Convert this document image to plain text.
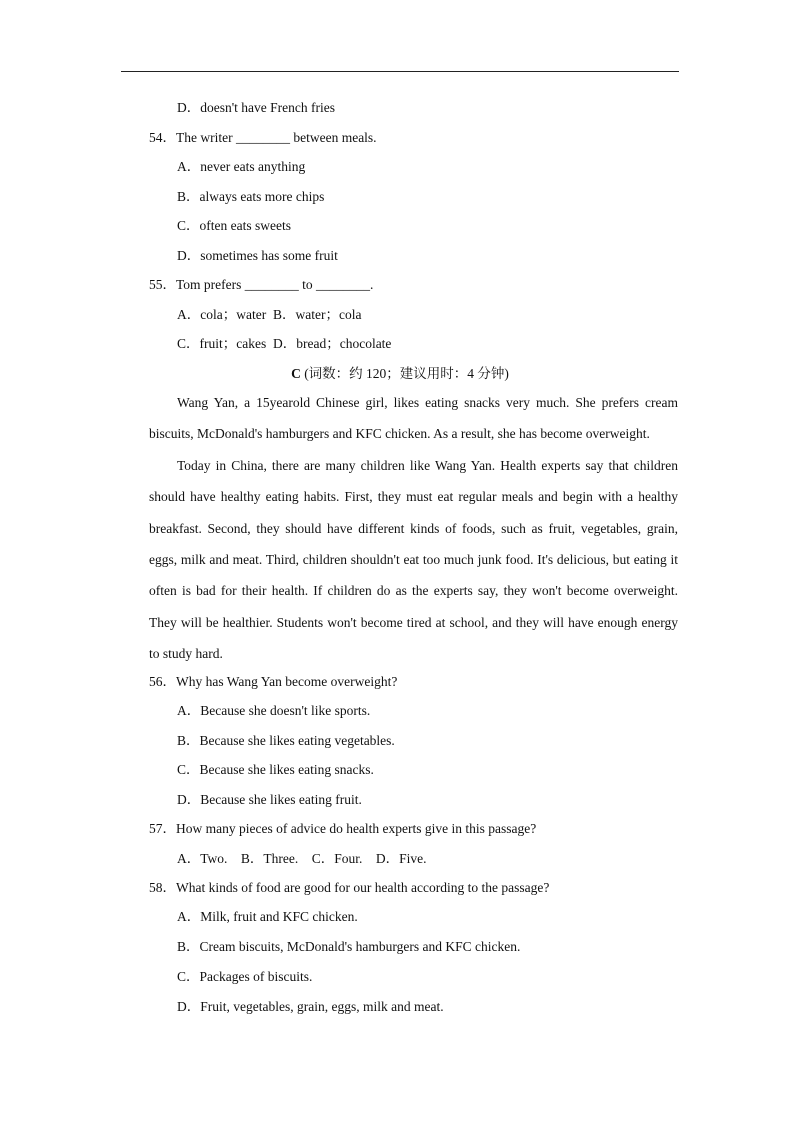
D．doesn't have French fries
54．The writer ________ between meals.
A．never eats anything
B．always eats more chips
C．often eats sweets
D．sometimes has some fruit
55．Tom prefers ________ to ________.
A．cola；water  B．water；cola
C．fruit；cakes  D．bread；chocolate
C (词数：约 120；建议用时：4 分钟)

Wang Yan, a 15yearold Chinese girl, likes eating snacks very much. She prefers cream biscuits, McDonald's hamburgers and KFC chicken. As a result, she has become overweight.

Today in China, there are many children like Wang Yan. Health experts say that children should have healthy eating habits. First, they must eat regular meals and begin with a healthy breakfast. Second, they should have different kinds of foods, such as fruit, vegetables, grain, eggs, milk and meat. Third, children shouldn't eat too much junk food. It's delicious, but eating it often is bad for their health. If children do as the experts say, they won't become overweight. They will be healthier. Students won't become tired at school, and they will have enough energy to study hard.

56．Why has Wang Yan become overweight?
A．Because she doesn't like sports.
B．Because she likes eating vegetables.
C．Because she likes eating snacks.
D．Because she likes eating fruit.
57．How many pieces of advice do health experts give in this passage?
A．Two.    B．Three.    C．Four.    D．Five.
58．What kinds of food are good for our health according to the passage?
A．Milk, fruit and KFC chicken.
B．Cream biscuits, McDonald's hamburgers and KFC chicken.
C．Packages of biscuits.
D．Fruit, vegetables, grain, eggs, milk and meat.
